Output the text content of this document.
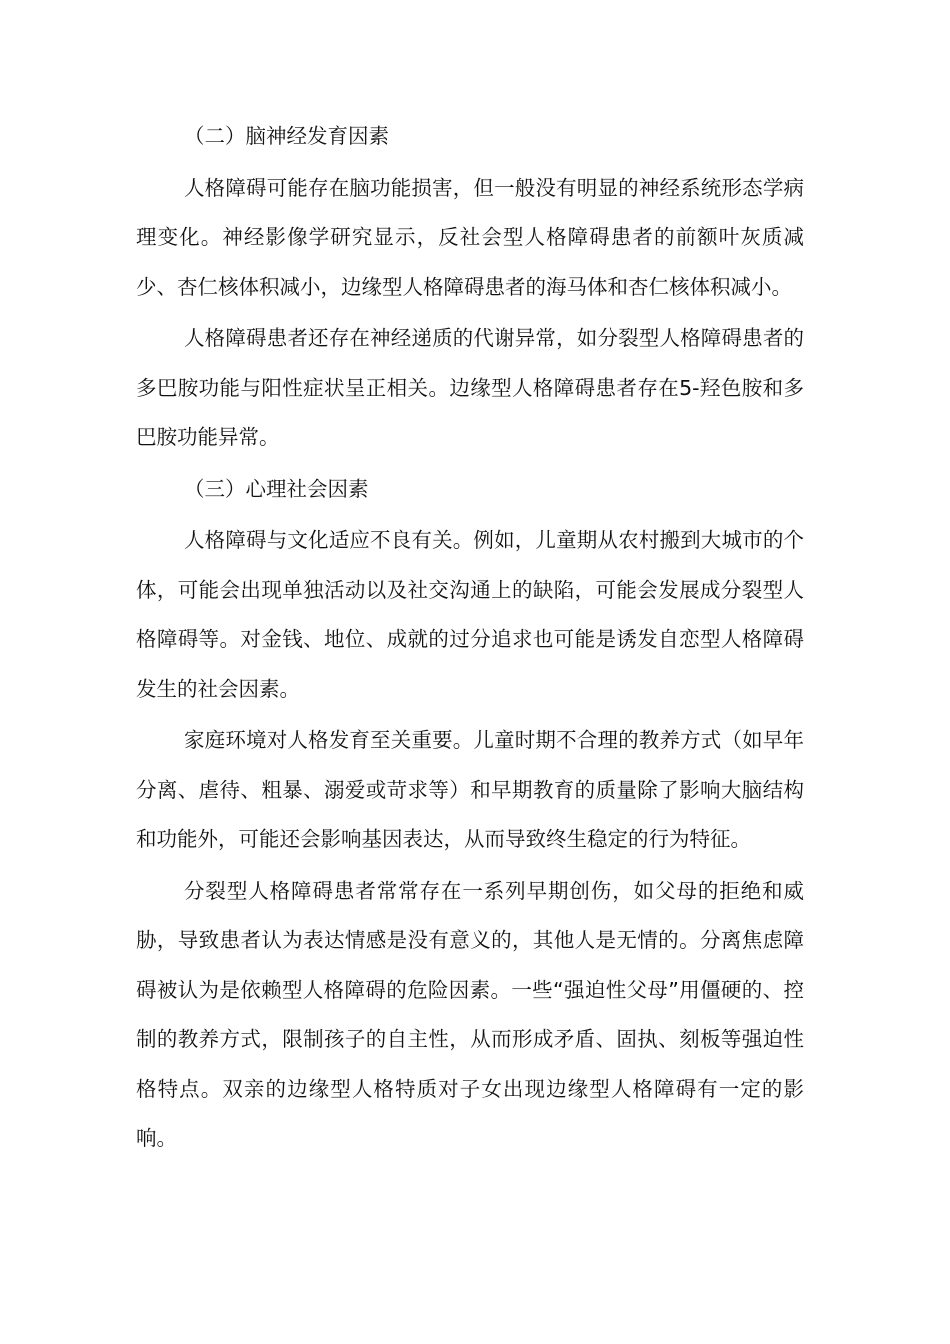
（二）脑神经发育因素
人格障碍可能存在脑功能损害，但一般没有明显的神经系统形态学病理变化。神经影像学研究显示，反社会型人格障碍患者的前额叶灰质减少、杏仁核体积减小，边缘型人格障碍患者的海马体和杏仁核体积减小。
人格障碍患者还存在神经递质的代谢异常，如分裂型人格障碍患者的多巴胺功能与阳性症状呈正相关。边缘型人格障碍患者存在5-羟色胺和多巴胺功能异常。
（三）心理社会因素
人格障碍与文化适应不良有关。例如，儿童期从农村搬到大城市的个体，可能会出现单独活动以及社交沟通上的缺陷，可能会发展成分裂型人格障碍等。对金钱、地位、成就的过分追求也可能是诱发自恋型人格障碍发生的社会因素。
家庭环境对人格发育至关重要。儿童时期不合理的教养方式（如早年分离、虐待、粗暴、溺爱或苛求等）和早期教育的质量除了影响大脑结构和功能外，可能还会影响基因表达，从而导致终生稳定的行为特征。
分裂型人格障碍患者常常存在一系列早期创伤，如父母的拒绝和威胁，导致患者认为表达情感是没有意义的，其他人是无情的。分离焦虑障碍被认为是依赖型人格障碍的危险因素。一些“强迫性父母”用僵硬的、控制的教养方式，限制孩子的自主性，从而形成矛盾、固执、刻板等强迫性格特点。双亲的边缘型人格特质对子女出现边缘型人格障碍有一定的影响。
